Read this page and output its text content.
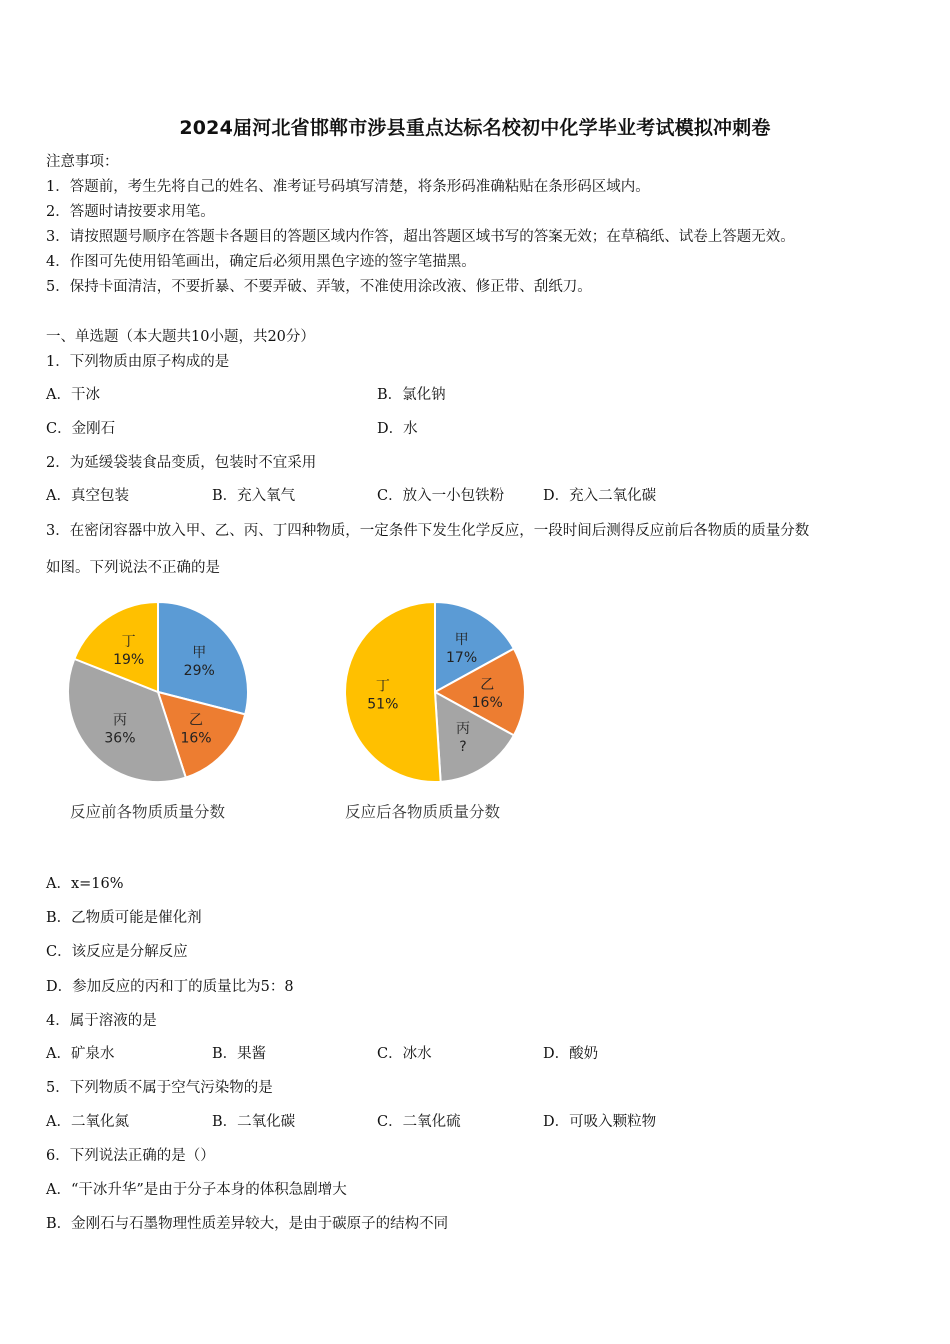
2024届河北省邯郸市涉县重点达标名校初中化学毕业考试模拟冲刺卷
注意事项：
1．答题前，考生先将自己的姓名、准考证号码填写清楚，将条形码准确粘贴在条形码区域内。
2．答题时请按要求用笔。
3．请按照题号顺序在答题卡各题目的答题区域内作答，超出答题区域书写的答案无效；在草稿纸、试卷上答题无效。
4．作图可先使用铅笔画出，确定后必须用黑色字迹的签字笔描黑。
5．保持卡面清洁，不要折暴、不要弄破、弄皱，不准使用涂改液、修正带、刮纸刀。
一、单选题（本大题共10小题，共20分）
1．下列物质由原子构成的是
A．干冰	B．氯化钠
C．金刚石	D．水
2．为延缓袋装食品变质，包装时不宜采用
A．真空包装	B．充入氧气	C．放入一小包铁粉	D．充入二氧化碳
3．在密闭容器中放入甲、乙、丙、丁四种物质，一定条件下发生化学反应，一段时间后测得反应前后各物质的质量分数
如图。下列说法不正确的是
甲
29%
乙
16%
丙
36%
丁
19%
反应前各物质质量分数
甲
17%
乙
16%
丙
?
丁
51%
反应后各物质质量分数
A．x=16%
B．乙物质可能是催化剂
C．该反应是分解反应
D．参加反应的丙和丁的质量比为5：8
4．属于溶液的是
A．矿泉水	B．果酱	C．冰水	D．酸奶
5．下列物质不属于空气污染物的是
A．二氧化氮	B．二氧化碳	C．二氧化硫	D．可吸入颗粒物
6．下列说法正确的是（）
A．“干冰升华”是由于分子本身的体积急剧增大
B．金刚石与石墨物理性质差异较大，是由于碳原子的结构不同
